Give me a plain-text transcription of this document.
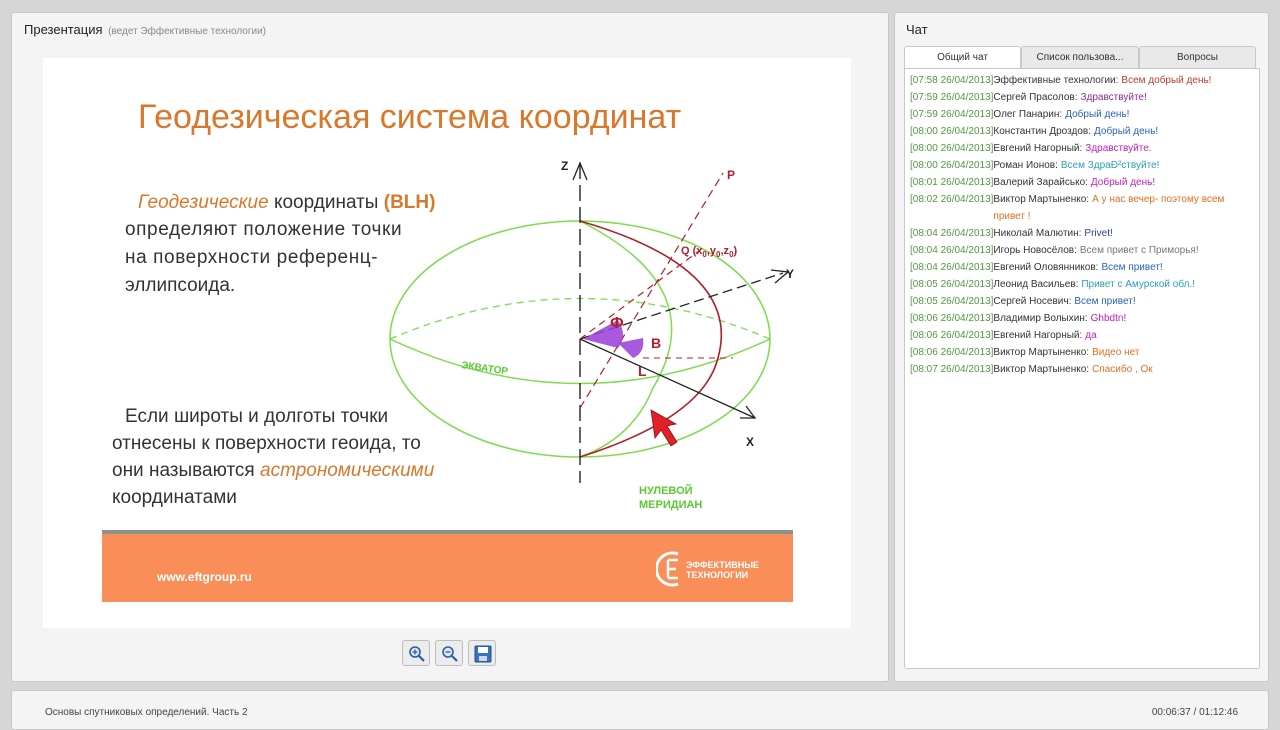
Презентация (ведет Эффективные технологии)
Геодезическая система координат
Геодезические координаты (BLH)
определяют положение точки
на поверхности референц-
эллипсоида.
Если широты и долготы точки
отнесены к поверхности геоида, то
они называются астрономическими
координатами
Z
Y
X
P
Q $(x_0,y_0,z_0)$
Ф
B
L
ЭКВАТОР
НУЛЕВОЙ
МЕРИДИАН
www.eftgroup.ru
ЭФФЕКТИВНЫЕ
ТЕХНОЛОГИИ
Чат
Общий чат	Список пользова...	Вопросы
[07:58 26/04/2013] Эффективные технологии: Всем добрый день!
[07:59 26/04/2013] Сергей Прасолов: Здравствуйте!
[07:59 26/04/2013] Олег Панарин: Добрый день!
[08:00 26/04/2013] Константин Дроздов: Добрый день!
[08:00 26/04/2013] Евгений Нагорный: Здравствуйте.
[08:00 26/04/2013] Роман Ионов: Всем ЗдраÐ²ствуйте!
[08:01 26/04/2013] Валерий Зарайсько: Добрый день!
[08:02 26/04/2013] Виктор Мартыненко: А у нас вечер- поэтому всем привет !
[08:04 26/04/2013] Николай Малютин: Privet!
[08:04 26/04/2013] Игорь Новосёлов: Всем привет с Приморья!
[08:04 26/04/2013] Евгений Оловянников: Всем привет!
[08:05 26/04/2013] Леонид Васильев: Привет с Амурской обл.!
[08:05 26/04/2013] Сергей Носевич: Всем привет!
[08:06 26/04/2013] Владимир Волыхин: Ghbdtn!
[08:06 26/04/2013] Евгений Нагорный: да
[08:06 26/04/2013] Виктор Мартыненко: Видео нет
[08:07 26/04/2013] Виктор Мартыненко: Спасибо , Ок
Основы спутниковых определений. Часть 2	00:06:37 / 01:12:46
